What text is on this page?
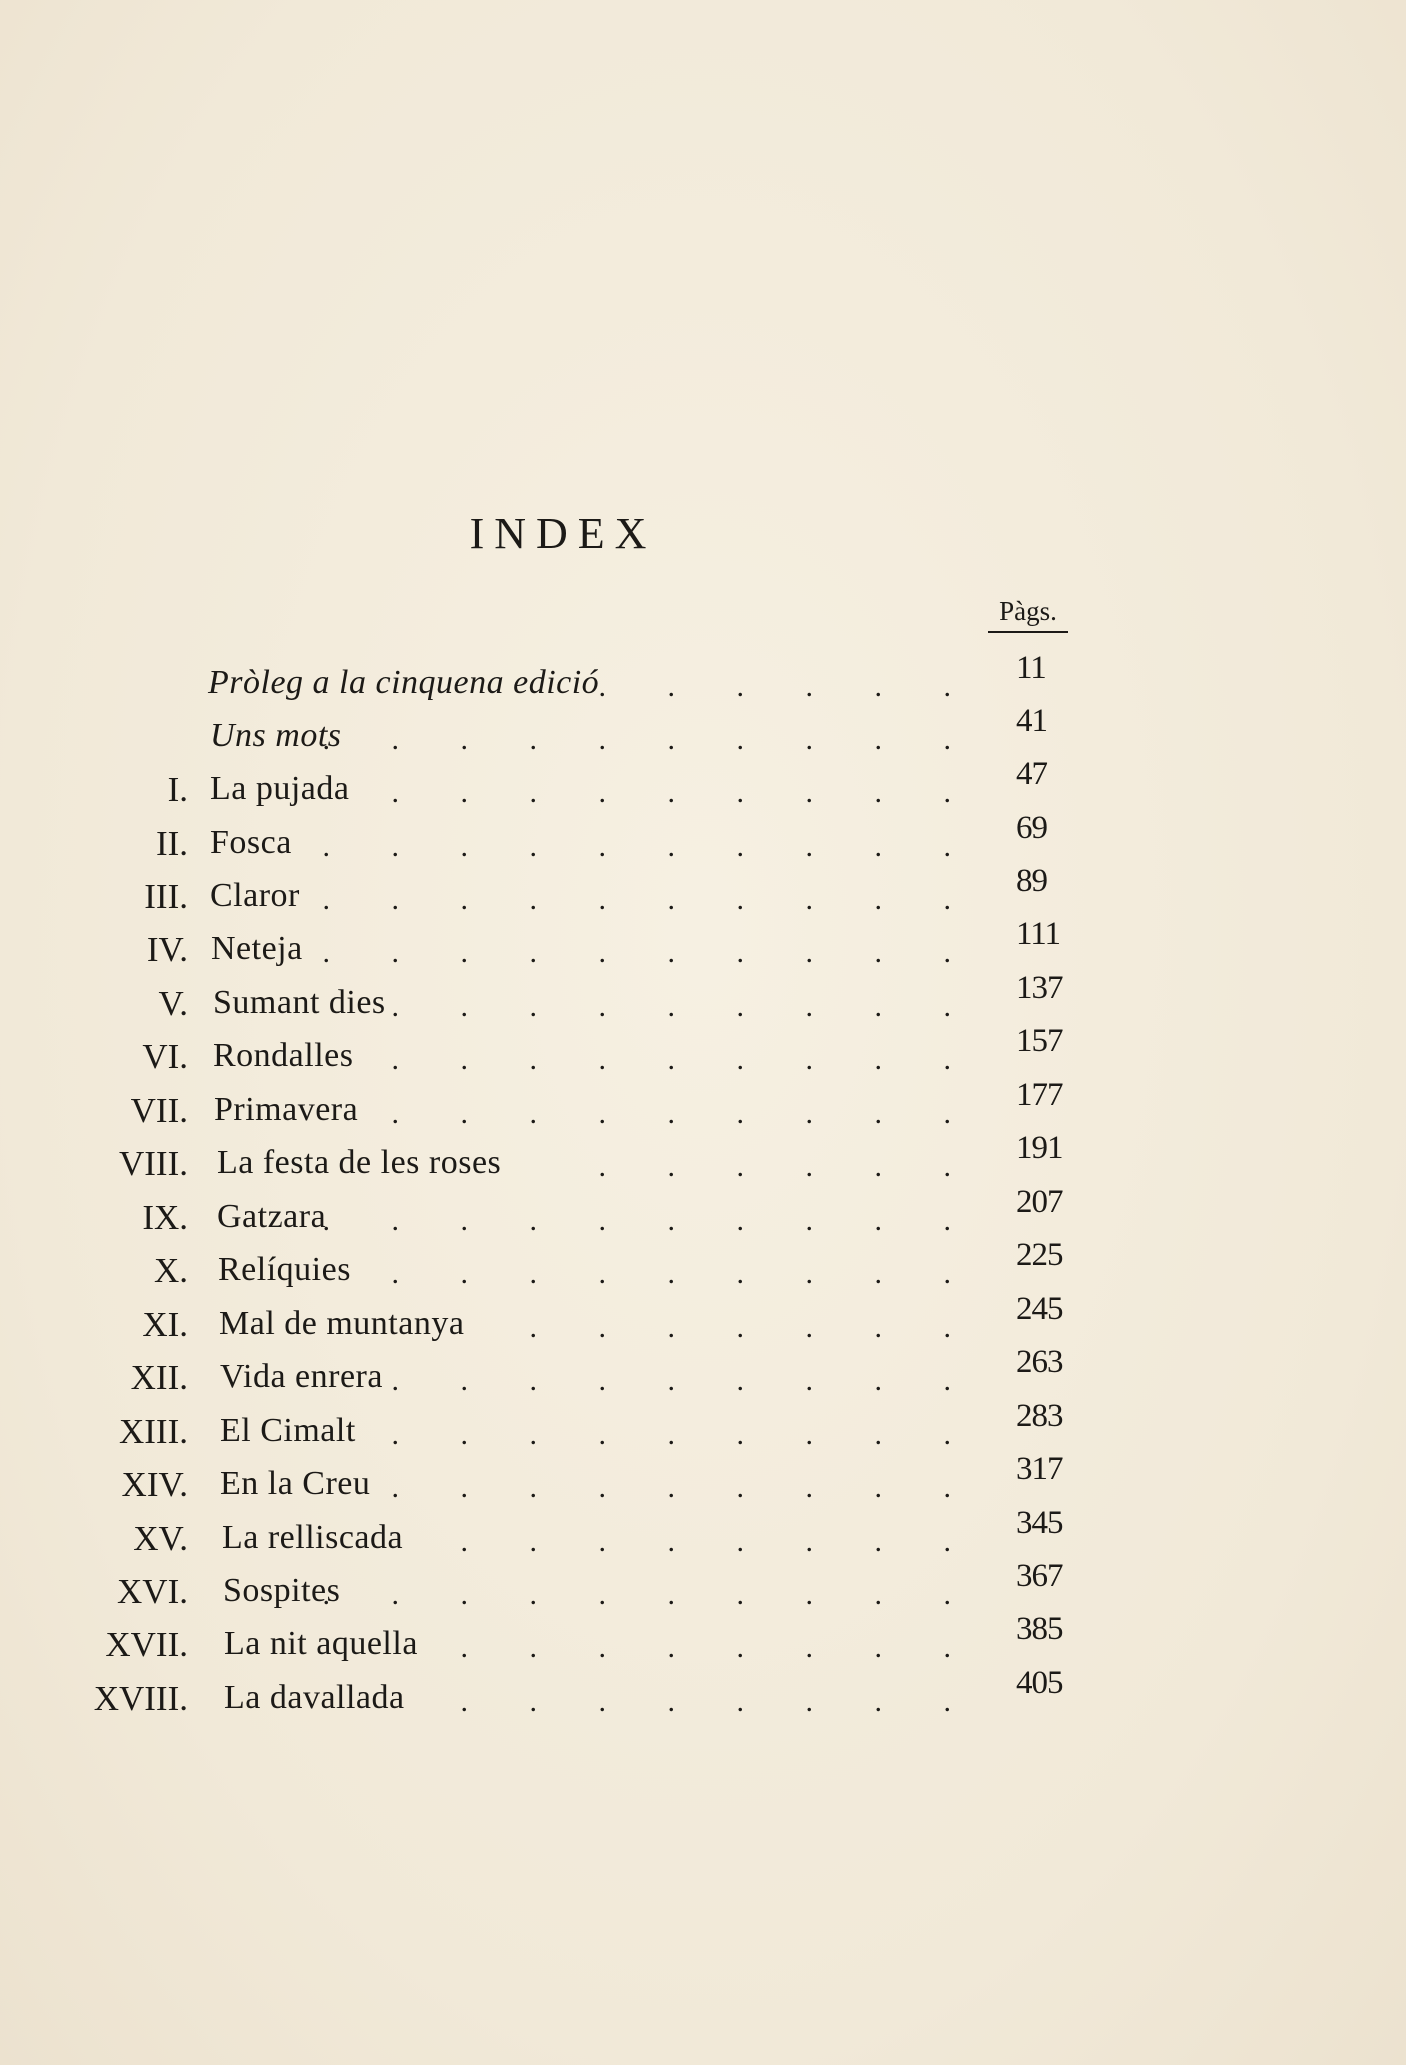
INDEX
Pàgs.
Pròleg a la cinquena edició . . . . . .
11
Uns mots
. . . . . . . . . .
41
I. La pujada . . . . . . . . .
47
II. Fosca . . . . . . . . . .
69
III. Claror . . . . . . . . . .
89
IV. Neteja . . . . . . . . . .
111
V. Sumant dies . . . . . . . . .
137
VI. Rondalles . . . . . . . . .
157
VII. Primavera . . . . . . . . .
177
VIII. La festa de les roses	. . . . . .
191
IX. Gatzara
. . . . . . . . . .
207
X. Relíquies . . . . . . . . .
225
XI. Mal de muntanya . . . . . . .
245
XII. Vida enrera . . . . . . . . .
263
XIII. El Cimalt . . . . . . . . .
283
XIV. En la Creu . . . . . . . . .
317
XV. La relliscada . . . . . . . .
345
XVI. Sospites
. . . . . . . . . .
367
XVII. La nit aquella . . . . . . . .
385
XVIII. La davallada . . . . . . . .
405
